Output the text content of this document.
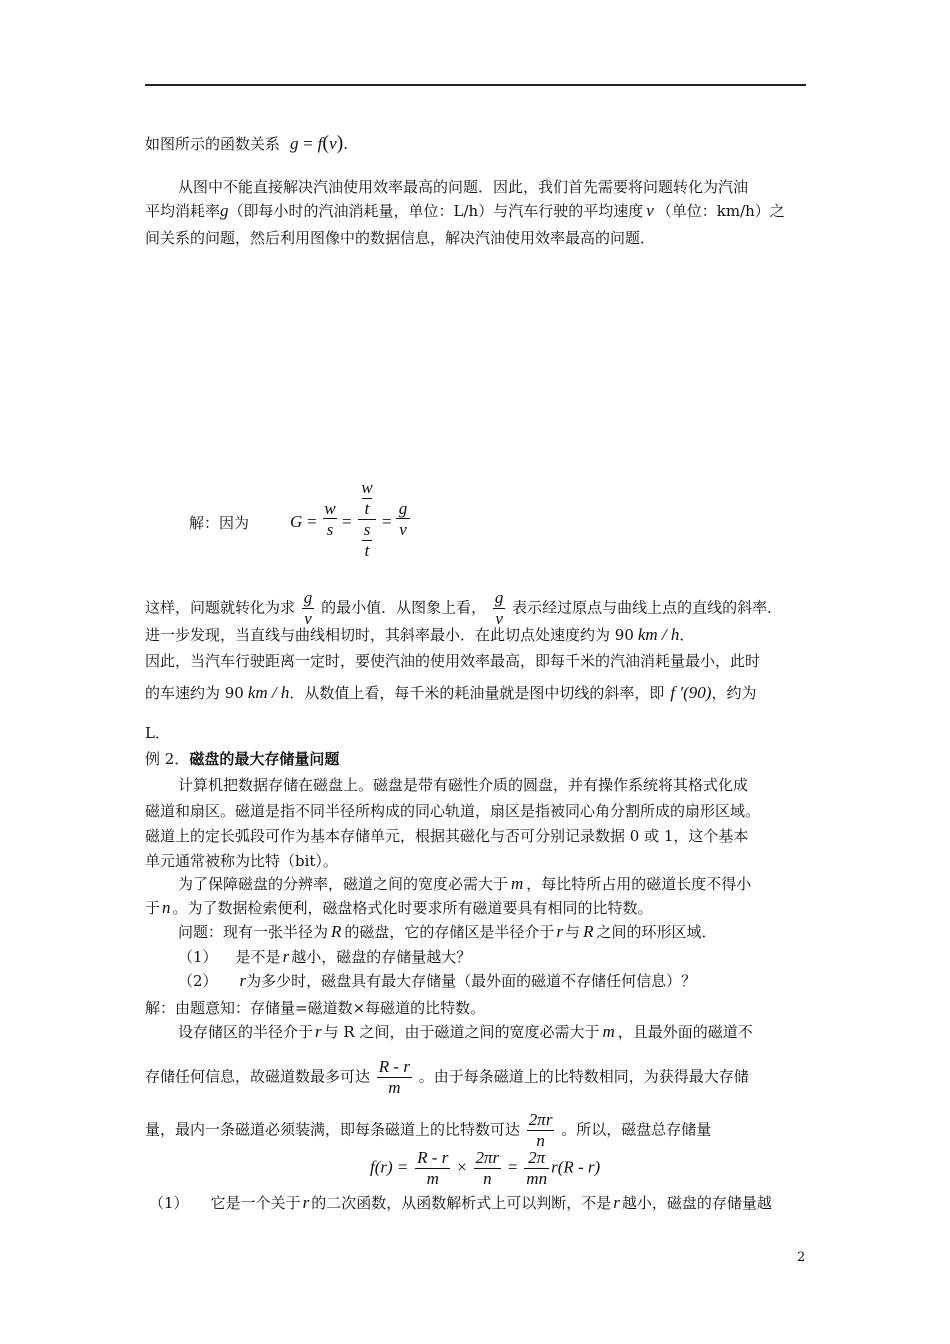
如图所示的函数关系 g = f(v).
从图中不能直接解决汽油使用效率最高的问题．因此，我们首先需要将问题转化为汽油
平均消耗率g（即每小时的汽油消耗量，单位：L/h）与汽车行驶的平均速度 v （单位：km/h）之
间关系的问题，然后利用图像中的数据信息，解决汽油使用效率最高的问题．
解：因为 G =
w
s =
w
t
s
t
=
g
v
这样，问题就转化为求 $\frac{g}{v}$ 的最小值．从图象上看， $\frac{g}{v}$ 表示经过原点与曲线上点的直线的斜率．
进一步发现，当直线与曲线相切时，其斜率最小．在此切点处速度约为 90 km / h．
因此，当汽车行驶距离一定时，要使汽油的使用效率最高，即每千米的汽油消耗量最小，此时
的车速约为 90 km / h．从数值上看，每千米的耗油量就是图中切线的斜率，即 f ′(90)，约为
L．
例 2．磁盘的最大存储量问题
计算机把数据存储在磁盘上。磁盘是带有磁性介质的圆盘，并有操作系统将其格式化成
磁道和扇区。磁道是指不同半径所构成的同心轨道，扇区是指被同心角分割所成的扇形区域。
磁道上的定长弧段可作为基本存储单元，根据其磁化与否可分别记录数据 0 或 1，这个基本
单元通常被称为比特（bit）。
为了保障磁盘的分辨率，磁道之间的宽度必需大于 m ，每比特所占用的磁道长度不得小
于 n 。为了数据检索便利，磁盘格式化时要求所有磁道要具有相同的比特数。
问题：现有一张半径为 R 的磁盘，它的存储区是半径介于 r 与 R 之间的环形区域．
（1） 是不是 r 越小，磁盘的存储量越大？
（2） r为多少时，磁盘具有最大存储量（最外面的磁道不存储任何信息）？
解：由题意知：存储量=磁道数×每磁道的比特数。
设存储区的半径介于 r 与 R 之间，由于磁道之间的宽度必需大于 m ，且最外面的磁道不
存储任何信息，故磁道数最多可达 $\frac{R - r}{m}$ 。由于每条磁道上的比特数相同，为获得最大存储
量，最内一条磁道必须装满，即每条磁道上的比特数可达 $\frac{2\pi r}{n}$ 。所以，磁盘总存储量
$f(r) = \frac{R - r}{m} \times \frac{2\pi r}{n} = \frac{2\pi}{mn} r(R - r)$
（1） 它是一个关于 r 的二次函数，从函数解析式上可以判断，不是 r 越小，磁盘的存储量越
2
